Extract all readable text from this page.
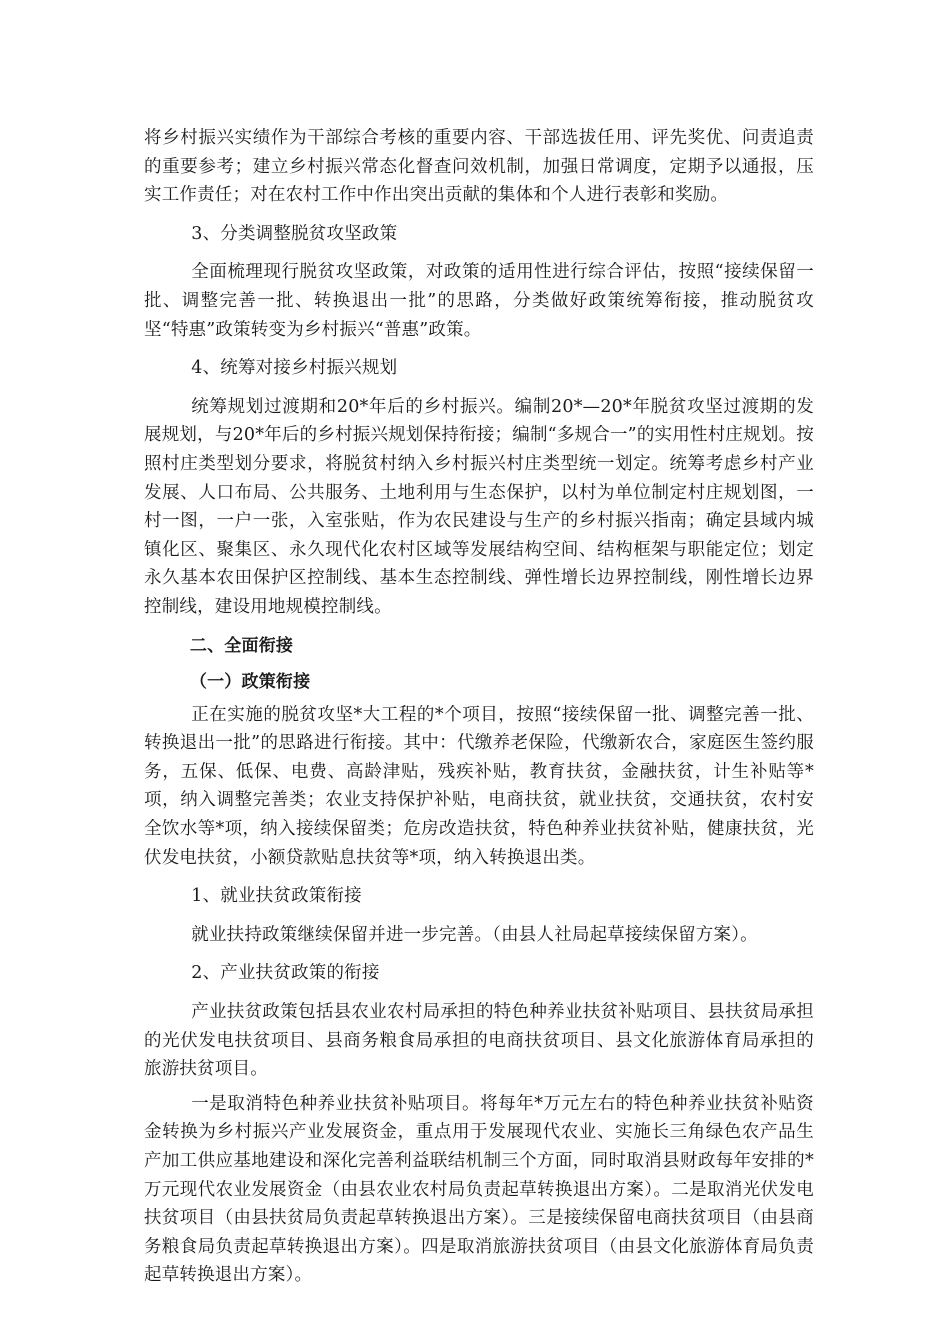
将乡村振兴实绩作为干部综合考核的重要内容、干部选拔任用、评先奖优、问责追责的重要参考；建立乡村振兴常态化督查问效机制，加强日常调度，定期予以通报，压实工作责任；对在农村工作中作出突出贡献的集体和个人进行表彰和奖励。

3、分类调整脱贫攻坚政策

全面梳理现行脱贫攻坚政策，对政策的适用性进行综合评估，按照“接续保留一批、调整完善一批、转换退出一批”的思路，分类做好政策统筹衔接，推动脱贫攻坚“特惠”政策转变为乡村振兴“普惠”政策。

4、统筹对接乡村振兴规划

统筹规划过渡期和20*年后的乡村振兴。编制20*—20*年脱贫攻坚过渡期的发展规划，与20*年后的乡村振兴规划保持衔接；编制“多规合一”的实用性村庄规划。按照村庄类型划分要求，将脱贫村纳入乡村振兴村庄类型统一划定。统筹考虑乡村产业发展、人口布局、公共服务、土地利用与生态保护，以村为单位制定村庄规划图，一村一图，一户一张，入室张贴，作为农民建设与生产的乡村振兴指南；确定县域内城镇化区、聚集区、永久现代化农村区域等发展结构空间、结构框架与职能定位；划定永久基本农田保护区控制线、基本生态控制线、弹性增长边界控制线，刚性增长边界控制线，建设用地规模控制线。

二、全面衔接

（一）政策衔接

正在实施的脱贫攻坚*大工程的*个项目，按照“接续保留一批、调整完善一批、转换退出一批”的思路进行衔接。其中：代缴养老保险，代缴新农合，家庭医生签约服务，五保、低保、电费、高龄津贴，残疾补贴，教育扶贫，金融扶贫，计生补贴等*项，纳入调整完善类；农业支持保护补贴，电商扶贫，就业扶贫，交通扶贫，农村安全饮水等*项，纳入接续保留类；危房改造扶贫，特色种养业扶贫补贴，健康扶贫，光伏发电扶贫，小额贷款贴息扶贫等*项，纳入转换退出类。

1、就业扶贫政策衔接

就业扶持政策继续保留并进一步完善。（由县人社局起草接续保留方案）。

2、产业扶贫政策的衔接

产业扶贫政策包括县农业农村局承担的特色种养业扶贫补贴项目、县扶贫局承担的光伏发电扶贫项目、县商务粮食局承担的电商扶贫项目、县文化旅游体育局承担的旅游扶贫项目。

一是取消特色种养业扶贫补贴项目。将每年*万元左右的特色种养业扶贫补贴资金转换为乡村振兴产业发展资金，重点用于发展现代农业、实施长三角绿色农产品生产加工供应基地建设和深化完善利益联结机制三个方面，同时取消县财政每年安排的*万元现代农业发展资金（由县农业农村局负责起草转换退出方案）。二是取消光伏发电扶贫项目（由县扶贫局负责起草转换退出方案）。三是接续保留电商扶贫项目（由县商务粮食局负责起草转换退出方案）。四是取消旅游扶贫项目（由县文化旅游体育局负责起草转换退出方案）。
